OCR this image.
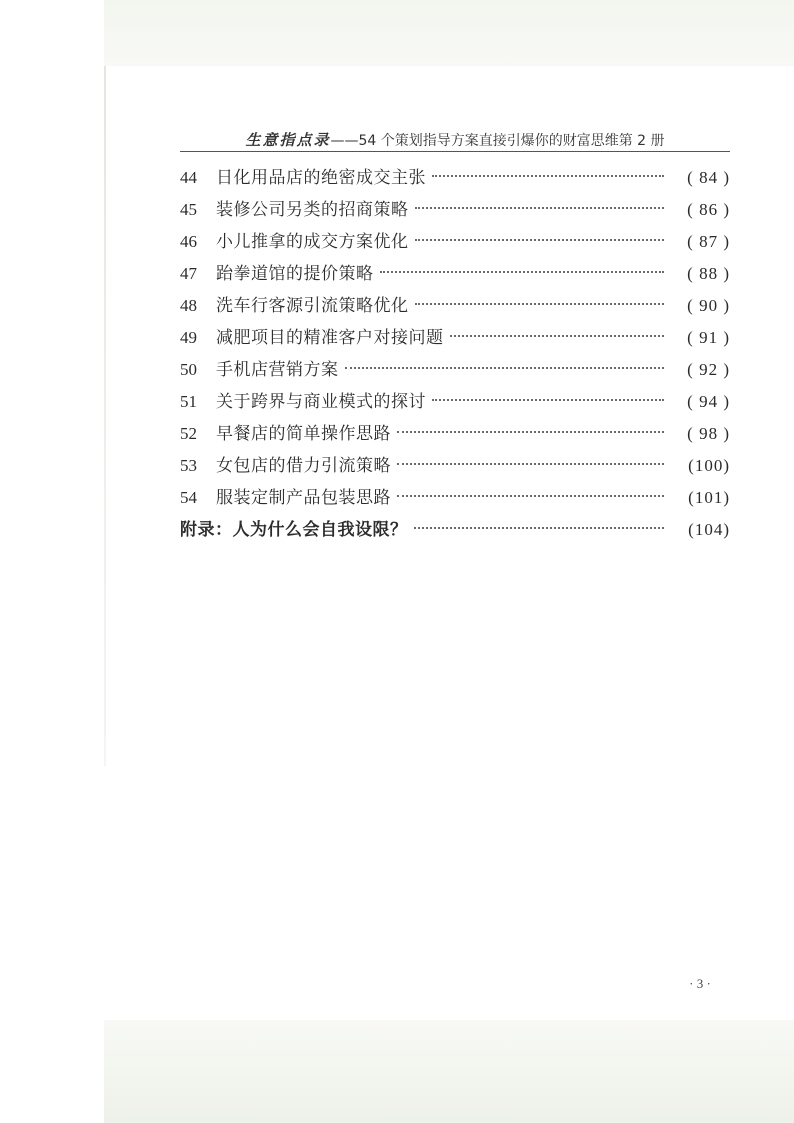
生意指点录——54 个策划指导方案直接引爆你的财富思维第 2 册
44	日化用品店的绝密成交主张	( 84 )
45	装修公司另类的招商策略	( 86 )
46	小儿推拿的成交方案优化	( 87 )
47	跆拳道馆的提价策略	( 88 )
48	洗车行客源引流策略优化	( 90 )
49	减肥项目的精准客户对接问题	( 91 )
50	手机店营销方案	( 92 )
51	关于跨界与商业模式的探讨	( 94 )
52	早餐店的简单操作思路	( 98 )
53	女包店的借力引流策略	(100)
54	服装定制产品包装思路	(101)
附录：人为什么会自我设限？	(104)
· 3 ·
